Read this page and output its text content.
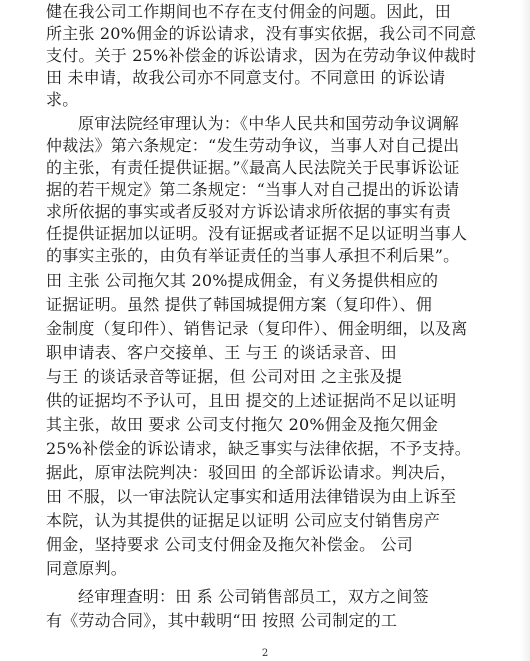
健在我公司工作期间也不存在支付佣金的问题。因此，田
所主张 20%佣金的诉讼请求，没有事实依据，我公司不同意
支付。关于 25%补偿金的诉讼请求，因为在劳动争议仲裁时
田 未申请，故我公司亦不同意支付。不同意田 的诉讼请
求。
原审法院经审理认为：《中华人民共和国劳动争议调解
仲裁法》第六条规定：“发生劳动争议，当事人对自己提出
的主张，有责任提供证据。”《最高人民法院关于民事诉讼证
据的若干规定》第二条规定：“当事人对自己提出的诉讼请
求所依据的事实或者反驳对方诉讼请求所依据的事实有责
任提供证据加以证明。没有证据或者证据不足以证明当事人
的事实主张的，由负有举证责任的当事人承担不利后果”。
田 主张 公司拖欠其 20%提成佣金，有义务提供相应的
证据证明。虽然 提供了韩国城提佣方案（复印件）、佣
金制度（复印件）、销售记录（复印件）、佣金明细，以及离
职申请表、客户交接单、王 与王 的谈话录音、田
与王 的谈话录音等证据，但 公司对田 之主张及提
供的证据均不予认可，且田 提交的上述证据尚不足以证明
其主张，故田 要求 公司支付拖欠 20%佣金及拖欠佣金
25%补偿金的诉讼请求，缺乏事实与法律依据，不予支持。
据此，原审法院判决：驳回田 的全部诉讼请求。判决后，
田 不服，以一审法院认定事实和适用法律错误为由上诉至
本院，认为其提供的证据足以证明 公司应支付销售房产
佣金，坚持要求 公司支付佣金及拖欠补偿金。 公司
同意原判。
经审理查明：田 系 公司销售部员工，双方之间签
有《劳动合同》，其中载明“田 按照 公司制定的工
2
